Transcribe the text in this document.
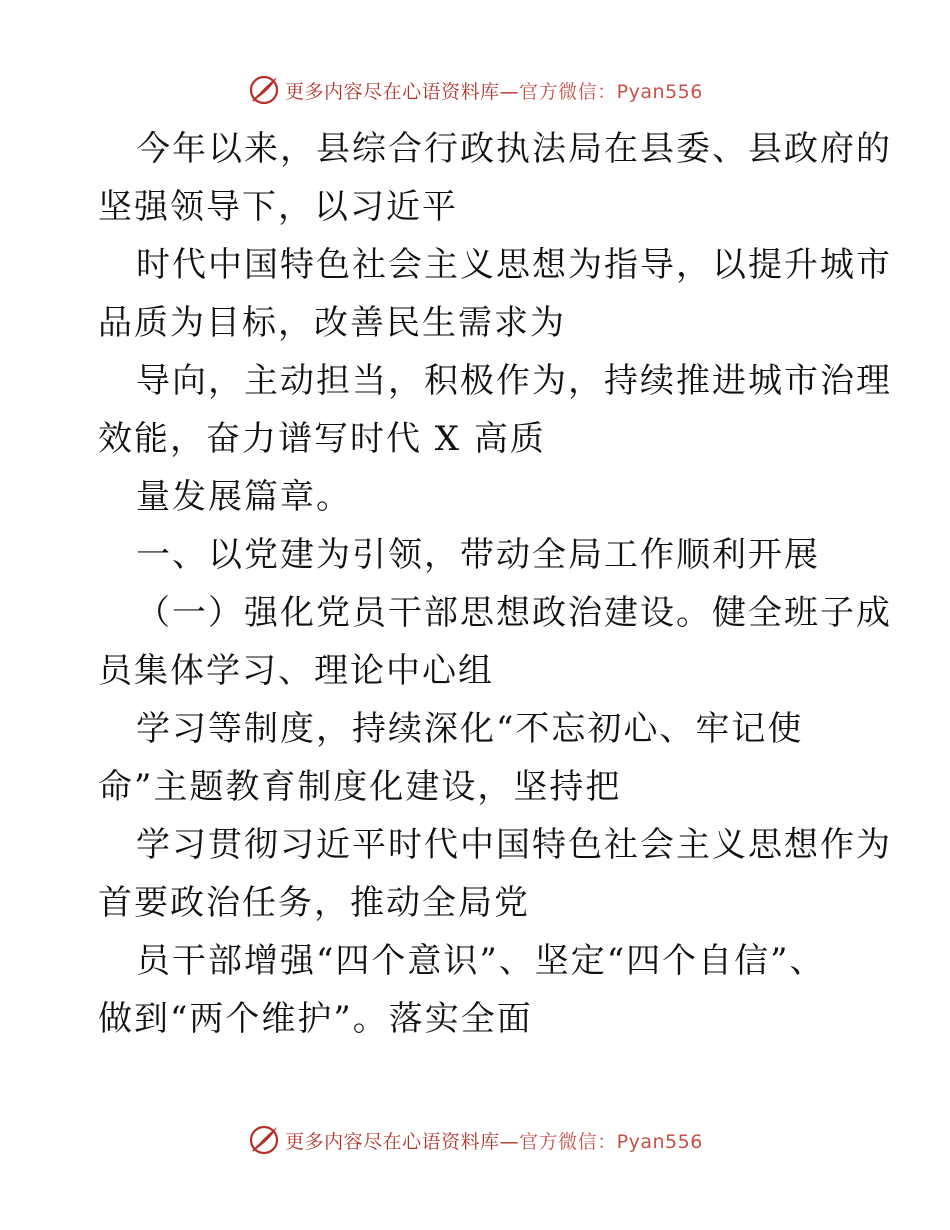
更多内容尽在心语资料库—官方微信：Pyan556
今年以来，县综合行政执法局在县委、县政府的
坚强领导下，以习近平
时代中国特色社会主义思想为指导，以提升城市
品质为目标，改善民生需求为
导向，主动担当，积极作为，持续推进城市治理
效能，奋力谱写时代 X 高质
量发展篇章。
一、以党建为引领，带动全局工作顺利开展
（一）强化党员干部思想政治建设。健全班子成
员集体学习、理论中心组
学习等制度，持续深化“不忘初心、牢记使
命”主题教育制度化建设，坚持把
学习贯彻习近平时代中国特色社会主义思想作为
首要政治任务，推动全局党
员干部增强“四个意识”、坚定“四个自信”、
做到“两个维护”。落实全面
更多内容尽在心语资料库—官方微信：Pyan556
